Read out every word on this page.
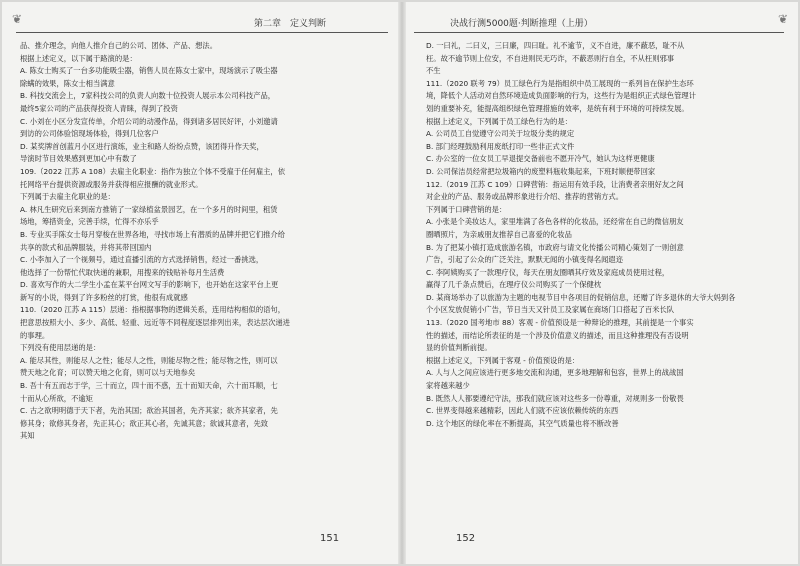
❦	第二章　定义判断

品、推介理念，向他人推介自己的公司、团体、产品、想法。

根据上述定义，以下属于路演的是：

A. 陈女士购买了一台多功能吸尘器，销售人员在陈女士家中，现场演示了吸尘器

除螨的效果，陈女士相当满意

B. 科技交流会上，7家科技公司的负责人向数十位投资人展示本公司科技产品，

最终5家公司的产品获得投资人青睐，得到了投资

C. 小刘在小区分发宣传单，介绍公司的动漫作品，得到诸多居民好评，小刘邀请

到访的公司体验馆现场体验，得到几位客户

D. 某奖牌首创蓝月小区进行演练，业主和路人纷纷点赞，该团得升作天奖，

导演时节目效果感到更加心中有数了

109.（2022 江苏 A 108）去雇主化职业：指作为独立个体不受雇于任何雇主，依

托网络平台提供资源或服务并获得相应报酬的就业形式。

下列属于去雇主化职业的是：

A. 林凡生研究后来到南方推销了一家绿植盆景园艺，在一个多月的时间里，租赁

场地，筹措资金，完善手续，忙得不亦乐乎

B. 专业买手陈女士每月穿梭在世界各地，寻找市场上有潜质的品牌并把它们推介给

共享的款式和品牌服装，并将其带回国内

C. 小李加入了一个视频号，通过直播引流的方式选择销售，经过一番挑选，

他选择了一份帮忙代取快递的兼职，用搜来的钱贴补每月生活费

D. 喜欢写作的大二学生小孟在某平台网文写手的影响下，也开始在这家平台上更

新写的小说，得到了许多粉丝的打赏，他很有成就感

110.（2020 江苏 A 115）层递：指根据事物的逻辑关系，连用结构相似的语句，

把意思按照大小、多少、高低、轻重、远近等不同程度逐层排列出来，表达层次递进

的事理。

下列没有使用层递的是：

A. 能尽其性，则能尽人之性；能尽人之性，则能尽物之性；能尽物之性，则可以

赞天地之化育；可以赞天地之化育，则可以与天地参矣

B. 吾十有五而志于学，三十而立，四十而不惑，五十而知天命，六十而耳顺，七

十而从心所欲，不逾矩

C. 古之欲明明德于天下者，先治其国；欲治其国者，先齐其家；欲齐其家者，先

修其身；欲修其身者，先正其心；欲正其心者，先诚其意；欲诚其意者，先致

其知

151
❦
决战行测5000题·判断推理（上册）

D. 一曰礼，二曰义，三曰廉，四曰耻。礼不逾节，义不自进，廉不蔽恶，耻不从

枉。故不逾节则上位安，不自进则民无巧诈，不蔽恶则行自全，不从枉则邪事

不生

111.（2020 联考 79）员工绿色行为是指组织中员工展现的一系列旨在保护生态环

境，降低个人活动对自然环境造成负面影响的行为，这些行为是组织正式绿色管理计

划的重要补充，能提高组织绿色管理措施的效率，是统有利于环境的可持续发展。

根据上述定义，下列属于员工绿色行为的是：

A. 公司员工自觉遵守公司关于垃圾分类的规定

B. 部门经理鼓励利用废纸打印一些非正式文件

C. 办公室的一位女员工早退提交备前也不愿开冷气，她认为这样更健康

D. 公司保洁员经常把垃圾箱内的废塑料瓶收集起来，下班时顺便带回家

112.（2019 江苏 C 109）口碑营销：指运用有效手段，让消费者亲朋好友之间

对企业的产品、服务或品牌形象进行介绍、推荐的营销方式。

下列属于口碑营销的是：

A. 小张是个美妆达人，家里堆满了各色各样的化妆品，还经常在自己的微信朋友

圈晒照片，为亲戚朋友推荐自己喜爱的化妆品

B. 为了把某小镇打造成旅游名镇，市政府与请文化传播公司精心策划了一则创意

广告，引起了公众的广泛关注，默默无闻的小镇变得名闻遐迩

C. 李阿姨购买了一款理疗仪，每天在朋友圈晒其疗效及家庭成员使用过程，

赢得了几千条点赞后，在理疗仪公司购买了一个保健枕

D. 某商场举办了以旅游为主题的电视节目中各项目的促销信息，还赠了许多退休的大爷大妈到各

个小区发放促销小广告，节日当天又针员工及家属在商场门口搭起了百米长队

113.（2020 国考地市 88）客观 - 价值预设是一种辩论的推理，其前提是一个事实

性的描述，而结论所表征的是一个涉及价值意义的描述，而且这种推理没有否设明

显的价值判断前提。

根据上述定义，下列属于客观 - 价值预设的是：

A. 人与人之间应该进行更多地交流和沟通，更多地理解和包容，世界上的战战国

家将越来越少

B. 既然人人都要遵纪守法，那我们就应该对这些多一份尊重，对规则多一份敬畏

C. 世界变得越来越精彩，因此人们就不应该依赖传统的东西

D. 这个地区的绿化率在不断提高，其空气质量也将不断改善

152
